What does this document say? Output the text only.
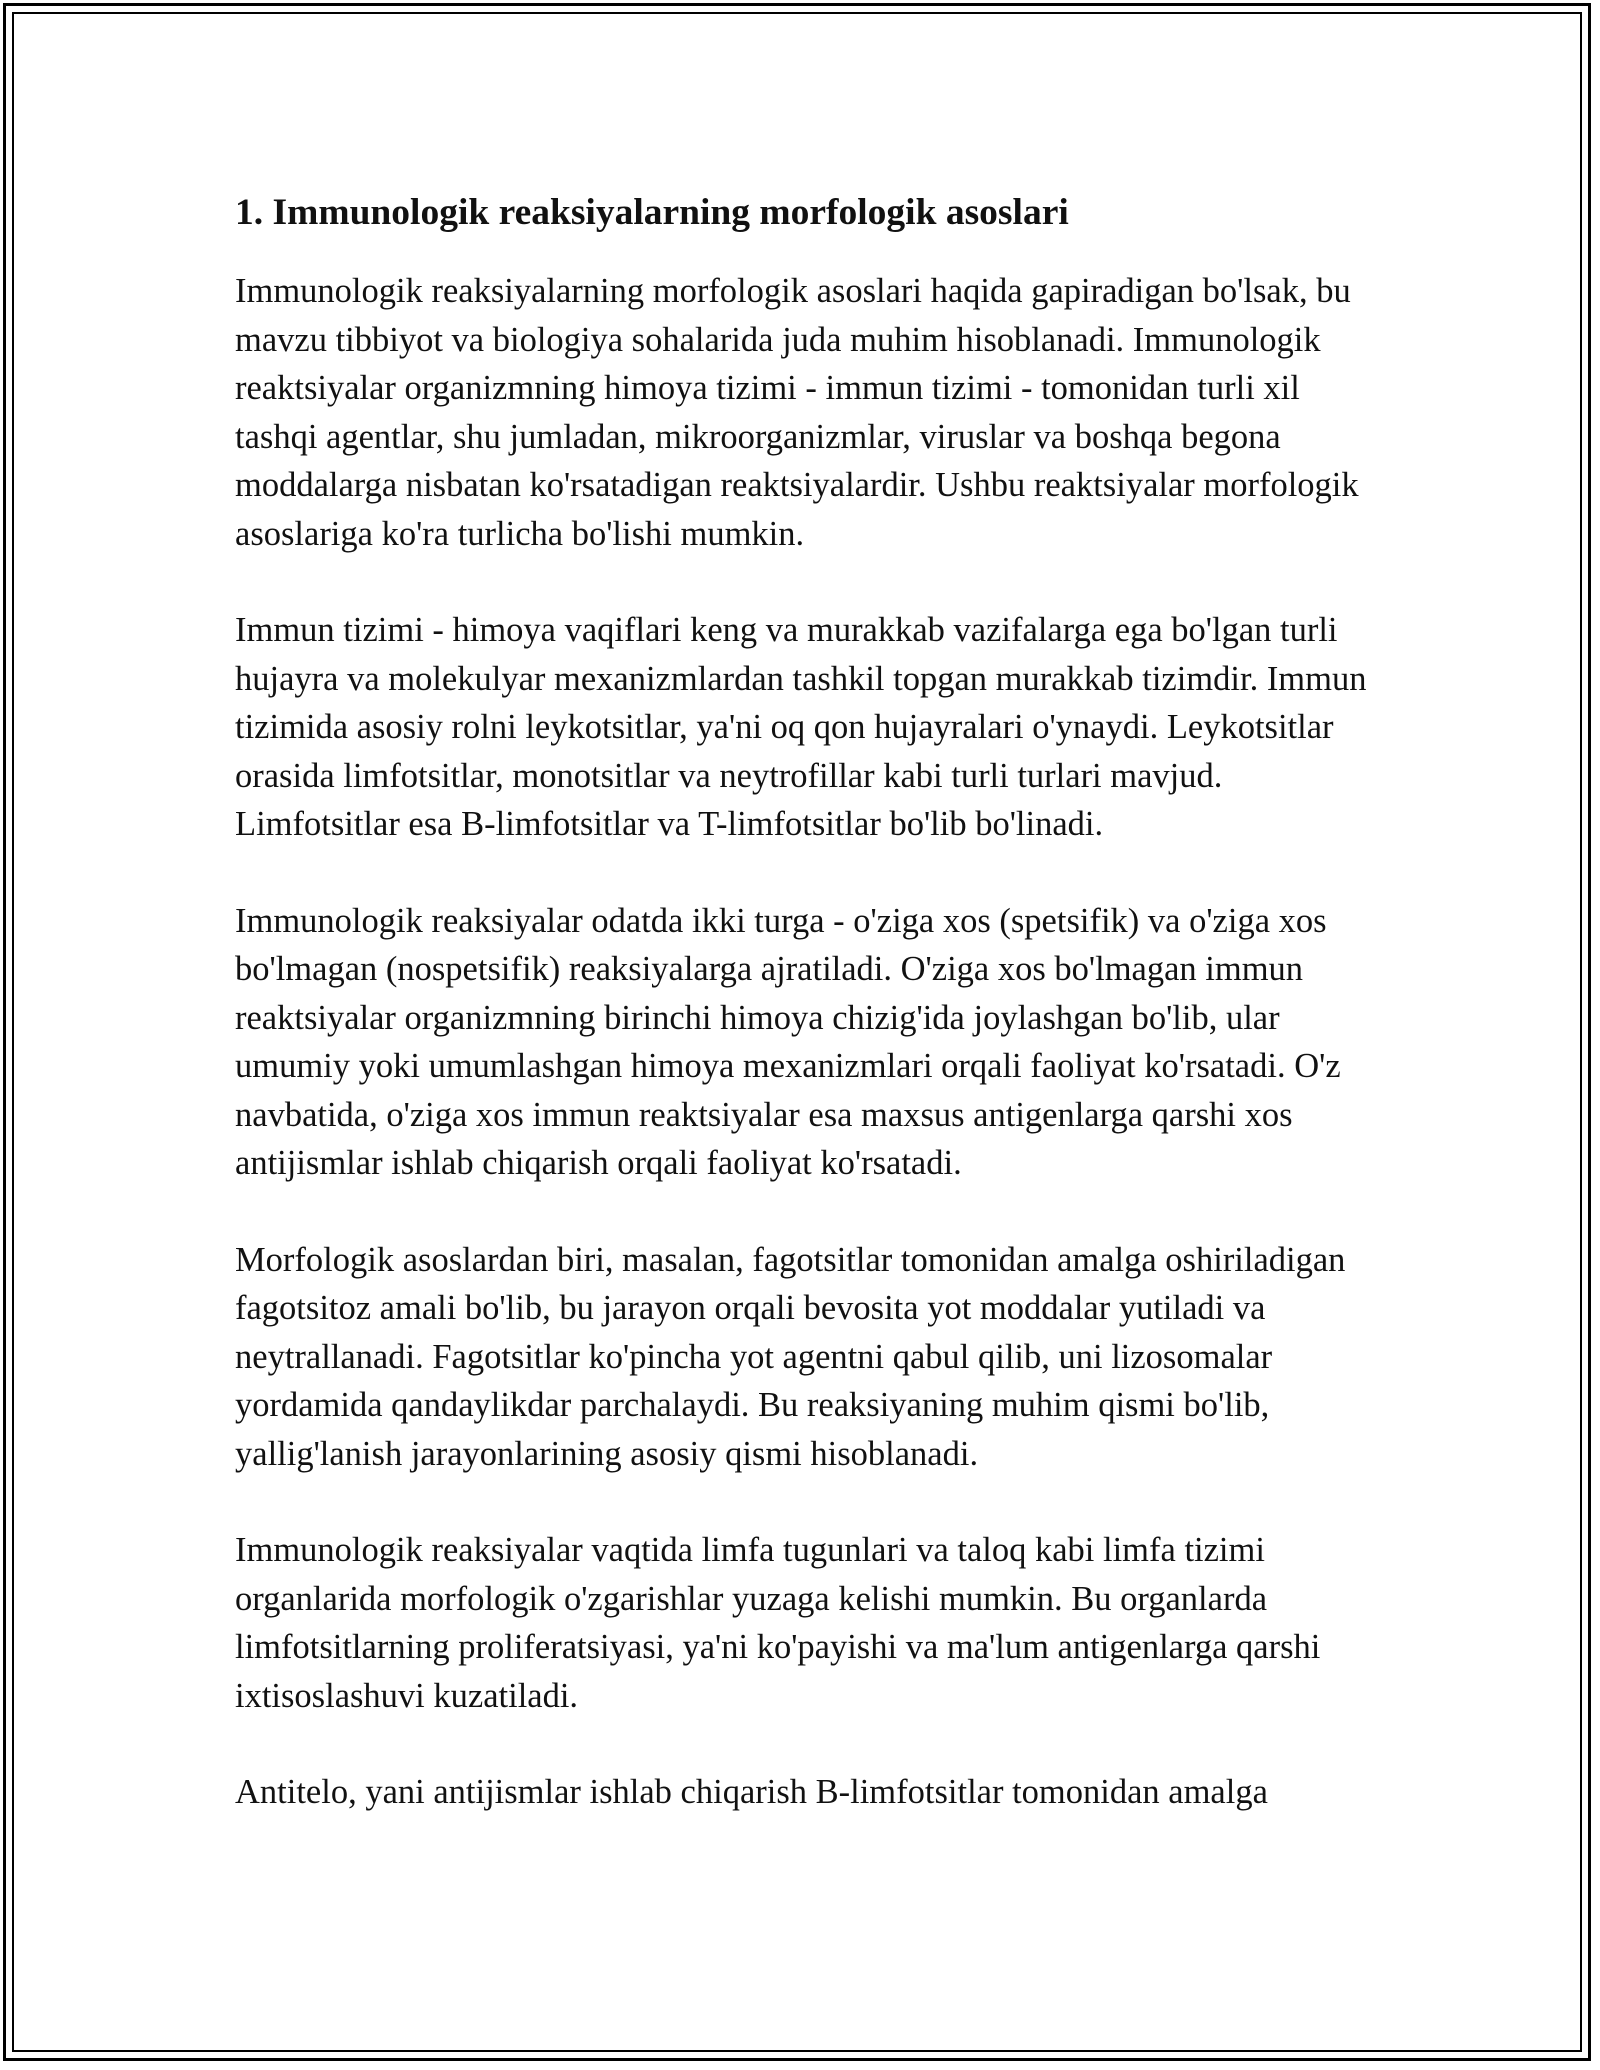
1. Immunologik reaksiyalarning morfologik asoslari

Immunologik reaksiyalarning morfologik asoslari haqida gapiradigan bo'lsak, bu mavzu tibbiyot va biologiya sohalarida juda muhim hisoblanadi. Immunologik reaktsiyalar organizmning himoya tizimi - immun tizimi - tomonidan turli xil tashqi agentlar, shu jumladan, mikroorganizmlar, viruslar va boshqa begona moddalarga nisbatan ko'rsatadigan reaktsiyalardir. Ushbu reaktsiyalar morfologik asoslariga ko'ra turlicha bo'lishi mumkin.

Immun tizimi - himoya vaqiflari keng va murakkab vazifalarga ega bo'lgan turli hujayra va molekulyar mexanizmlardan tashkil topgan murakkab tizimdir. Immun tizimida asosiy rolni leykotsitlar, ya'ni oq qon hujayralari o'ynaydi. Leykotsitlar orasida limfotsitlar, monotsitlar va neytrofillar kabi turli turlari mavjud. Limfotsitlar esa B-limfotsitlar va T-limfotsitlar bo'lib bo'linadi.

Immunologik reaksiyalar odatda ikki turga - o'ziga xos (spetsifik) va o'ziga xos bo'lmagan (nospetsifik) reaksiyalarga ajratiladi. O'ziga xos bo'lmagan immun reaktsiyalar organizmning birinchi himoya chizig'ida joylashgan bo'lib, ular umumiy yoki umumlashgan himoya mexanizmlari orqali faoliyat ko'rsatadi. O'z navbatida, o'ziga xos immun reaktsiyalar esa maxsus antigenlarga qarshi xos antijismlar ishlab chiqarish orqali faoliyat ko'rsatadi.

Morfologik asoslardan biri, masalan, fagotsitlar tomonidan amalga oshiriladigan fagotsitoz amali bo'lib, bu jarayon orqali bevosita yot moddalar yutiladi va neytrallanadi. Fagotsitlar ko'pincha yot agentni qabul qilib, uni lizosomalar yordamida qandaylikdar parchalaydi. Bu reaksiyaning muhim qismi bo'lib, yallig'lanish jarayonlarining asosiy qismi hisoblanadi.

Immunologik reaksiyalar vaqtida limfa tugunlari va taloq kabi limfa tizimi organlarida morfologik o'zgarishlar yuzaga kelishi mumkin. Bu organlarda limfotsitlarning proliferatsiyasi, ya'ni ko'payishi va ma'lum antigenlarga qarshi ixtisoslashuvi kuzatiladi.

Antitelo, yani antijismlar ishlab chiqarish B-limfotsitlar tomonidan amalga
